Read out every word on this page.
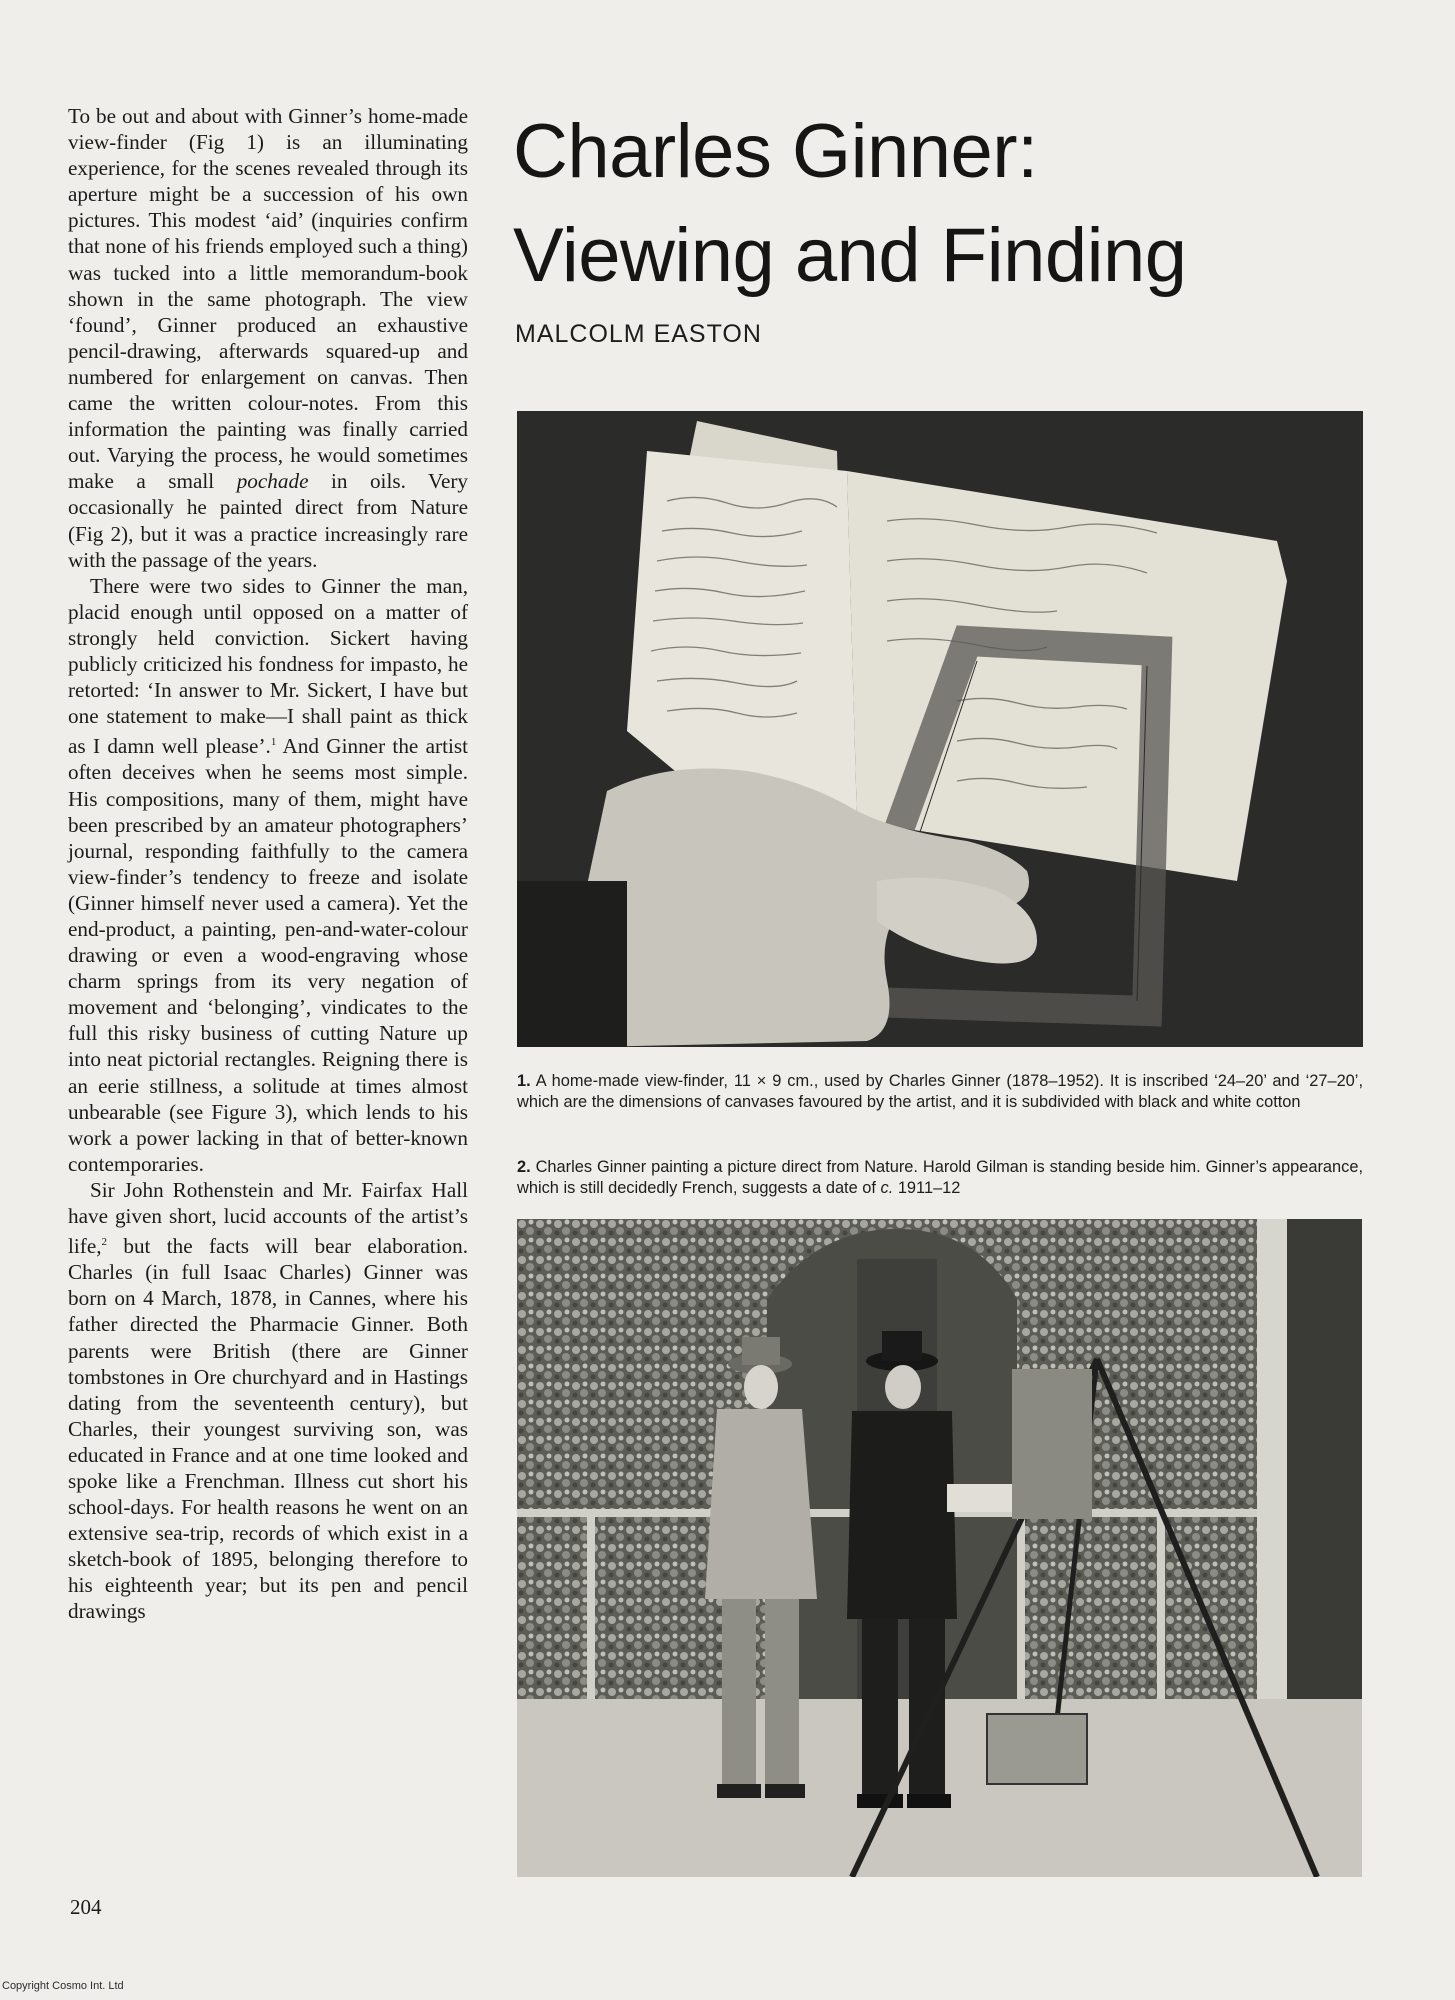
To be out and about with Ginner’s home-made view-finder (Fig 1) is an illuminating experience, for the scenes revealed through its aperture might be a succession of his own pictures. This modest ‘aid’ (inquiries confirm that none of his friends employed such a thing) was tucked into a little memorandum-book shown in the same photograph. The view ‘found’, Ginner produced an exhaustive pencil-drawing, afterwards squared-up and numbered for enlargement on canvas. Then came the written colour-notes. From this information the painting was finally carried out. Varying the process, he would sometimes make a small pochade in oils. Very occasionally he painted direct from Nature (Fig 2), but it was a practice increasingly rare with the passage of the years.

There were two sides to Ginner the man, placid enough until opposed on a matter of strongly held conviction. Sickert having publicly criticized his fondness for impasto, he retorted: ‘In answer to Mr. Sickert, I have but one statement to make—I shall paint as thick as I damn well please’.$^1$ And Ginner the artist often deceives when he seems most simple. His compositions, many of them, might have been prescribed by an amateur photographers’ journal, responding faithfully to the camera view-finder’s tendency to freeze and isolate (Ginner himself never used a camera). Yet the end-product, a painting, pen-and-water-colour drawing or even a wood-engraving whose charm springs from its very negation of movement and ‘belonging’, vindicates to the full this risky business of cutting Nature up into neat pictorial rectangles. Reigning there is an eerie stillness, a solitude at times almost unbearable (see Figure 3), which lends to his work a power lacking in that of better-known contemporaries.

Sir John Rothenstein and Mr. Fairfax Hall have given short, lucid accounts of the artist’s life,$^2$ but the facts will bear elaboration. Charles (in full Isaac Charles) Ginner was born on 4 March, 1878, in Cannes, where his father directed the Pharmacie Ginner. Both parents were British (there are Ginner tombstones in Ore churchyard and in Hastings dating from the seventeenth century), but Charles, their youngest surviving son, was educated in France and at one time looked and spoke like a Frenchman. Illness cut short his school-days. For health reasons he went on an extensive sea-trip, records of which exist in a sketch-book of 1895, belonging therefore to his eighteenth year; but its pen and pencil drawings

Charles Ginner:
Viewing and Finding
MALCOLM EASTON
1. A home-made view-finder, 11 × 9 cm., used by Charles Ginner (1878–1952). It is inscribed ‘24–20’ and ‘27–20’, which are the dimensions of canvases favoured by the artist, and it is subdivided with black and white cotton
2. Charles Ginner painting a picture direct from Nature. Harold Gilman is standing beside him. Ginner’s appearance, which is still decidedly French, suggests a date of c. 1911–12
204
Copyright Cosmo Int. Ltd
